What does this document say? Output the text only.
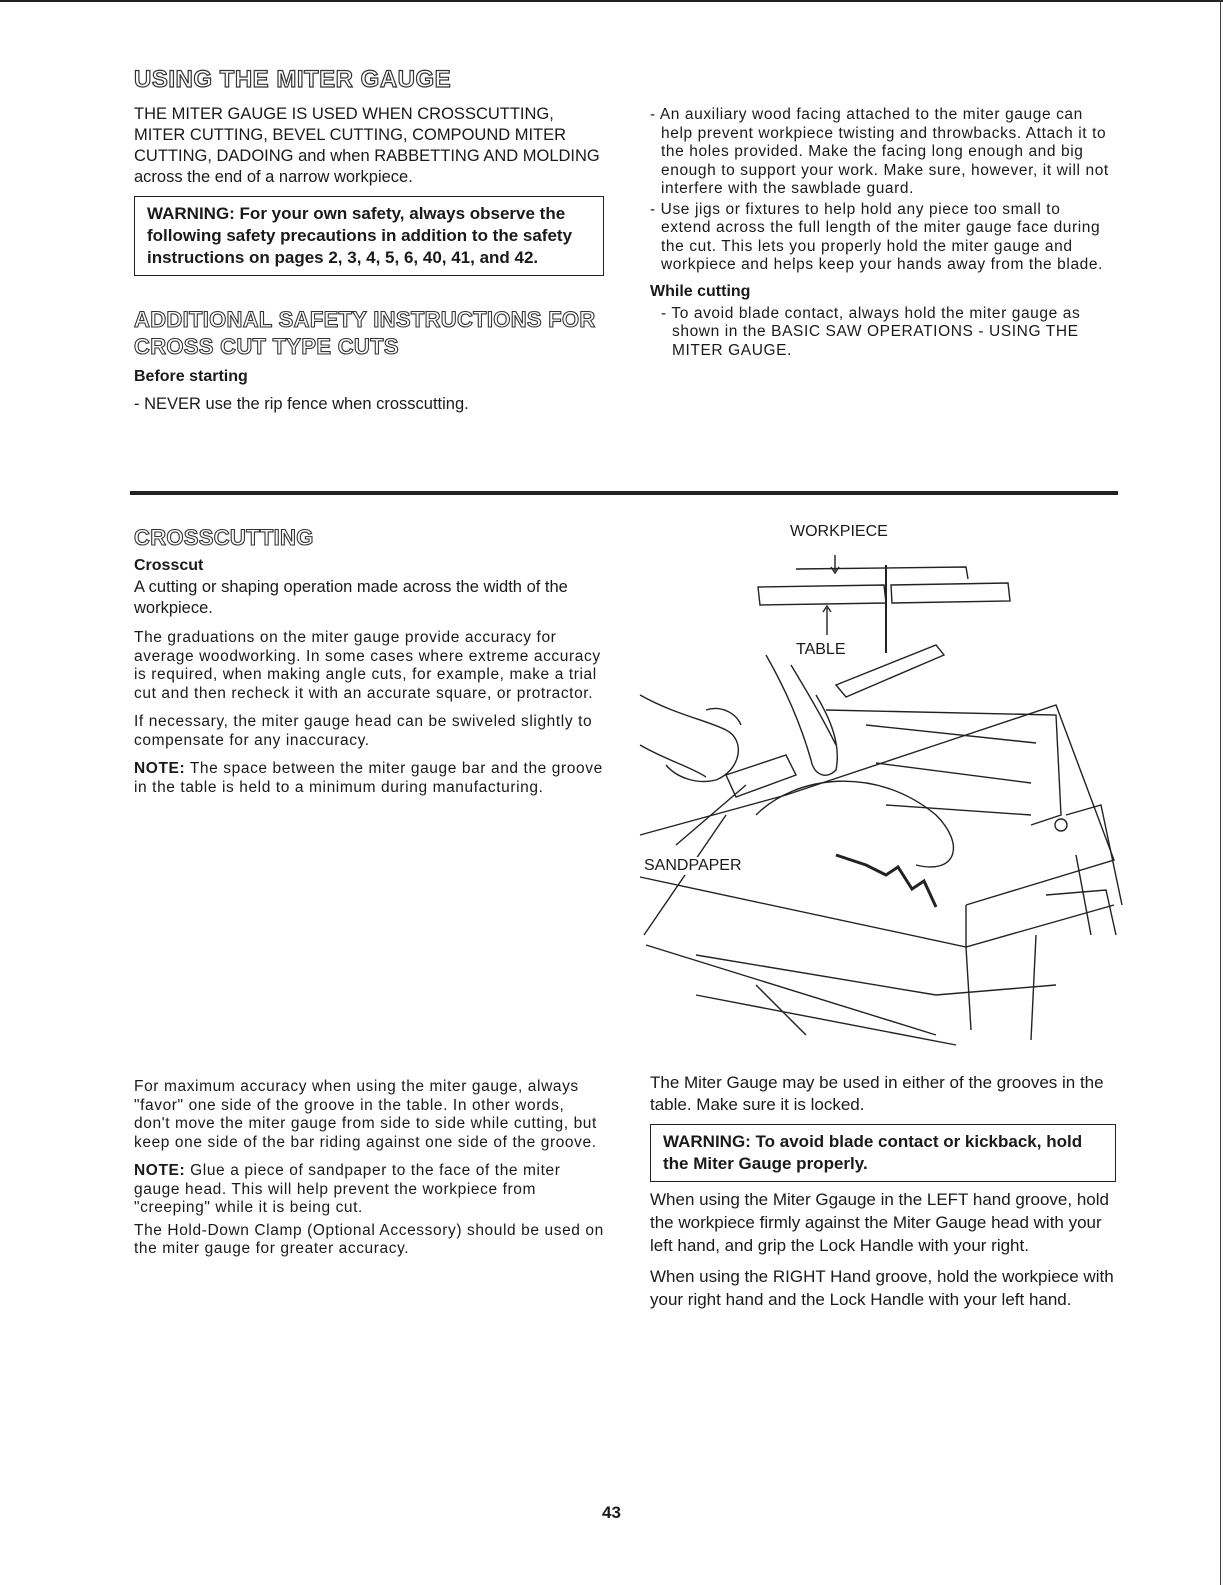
USING THE MITER GAUGE

THE MITER GAUGE IS USED WHEN CROSSCUTTING, MITER CUTTING, BEVEL CUTTING, COMPOUND MITER CUTTING, DADOING and when RABBETTING AND MOLDING across the end of a narrow workpiece.

WARNING: For your own safety, always observe the following safety precautions in addition to the safety instructions on pages 2, 3, 4, 5, 6, 40, 41, and 42.
ADDITIONAL SAFETY INSTRUCTIONS FOR CROSS CUT TYPE CUTS

Before starting

- NEVER use the rip fence when crosscutting.

- An auxiliary wood facing attached to the miter gauge can help prevent workpiece twisting and throwbacks. Attach it to the holes provided. Make the facing long enough and big enough to support your work. Make sure, however, it will not interfere with the sawblade guard.

- Use jigs or fixtures to help hold any piece too small to extend across the full length of the miter gauge face during the cut. This lets you properly hold the miter gauge and workpiece and helps keep your hands away from the blade.

While cutting

- To avoid blade contact, always hold the miter gauge as shown in the BASIC SAW OPERATIONS - USING THE MITER GAUGE.

CROSSCUTTING

Crosscut

A cutting or shaping operation made across the width of the workpiece.

The graduations on the miter gauge provide accuracy for average woodworking. In some cases where extreme accuracy is required, when making angle cuts, for example, make a trial cut and then recheck it with an accurate square, or protractor.

If necessary, the miter gauge head can be swiveled slightly to compensate for any inaccuracy.

NOTE: The space between the miter gauge bar and the groove in the table is held to a minimum during manufacturing.

WORKPIECE
TABLE
SANDPAPER

For maximum accuracy when using the miter gauge, always "favor" one side of the groove in the table. In other words, don't move the miter gauge from side to side while cutting, but keep one side of the bar riding against one side of the groove.

NOTE: Glue a piece of sandpaper to the face of the miter gauge head. This will help prevent the workpiece from "creeping" while it is being cut.

The Hold-Down Clamp (Optional Accessory) should be used on the miter gauge for greater accuracy.

The Miter Gauge may be used in either of the grooves in the table. Make sure it is locked.

WARNING: To avoid blade contact or kickback, hold the Miter Gauge properly.

When using the Miter Ggauge in the LEFT hand groove, hold the workpiece firmly against the Miter Gauge head with your left hand, and grip the Lock Handle with your right.

When using the RIGHT Hand groove, hold the workpiece with your right hand and the Lock Handle with your left hand.

43
